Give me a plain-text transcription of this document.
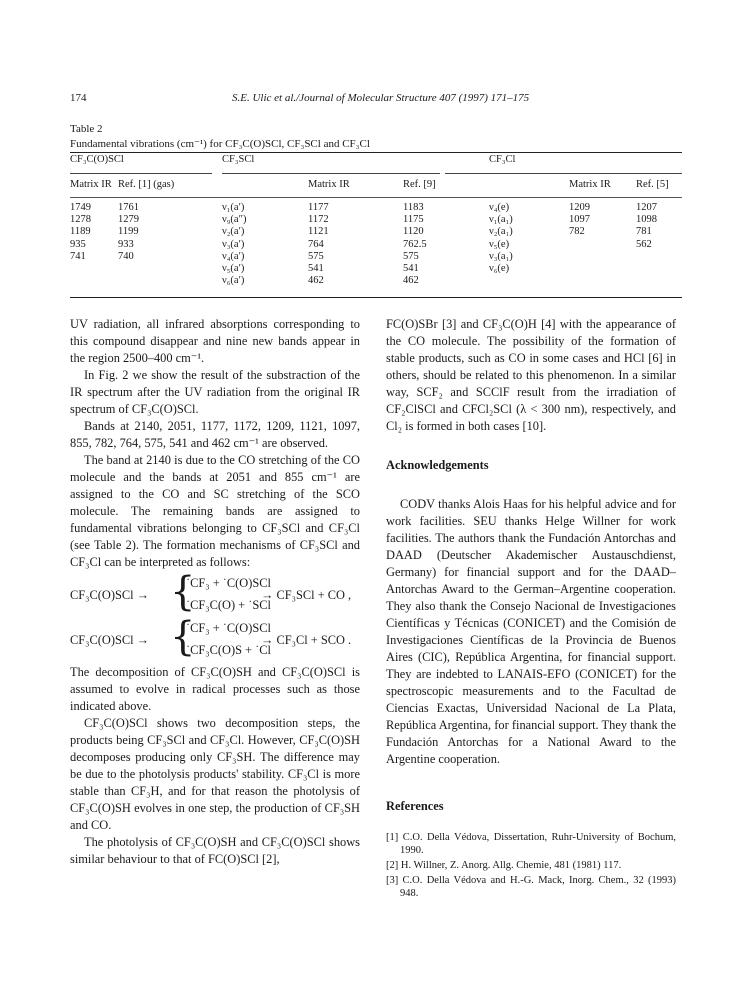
174	S.E. Ulic et al./Journal of Molecular Structure 407 (1997) 171–175
Table 2
Fundamental vibrations (cm⁻¹) for CF₃C(O)SCl, CF₃SCl and CF₃Cl
CF₃C(O)SCl		CF₃SCl			CF₃Cl		
Matrix IR	Ref. [1] (gas)		Matrix IR	Ref. [9]		Matrix IR	Ref. [5]
1749	1761	ν₁(a′)	1177	1183	ν₄(e)	1209	1207
1278	1279	ν₉(a″)	1172	1175	ν₁(a₁)	1097	1098
1189	1199	ν₂(a′)	1121	1120	ν₂(a₁)	782	781
935	933	ν₃(a′)	764	762.5	ν₅(e)		562
741	740	ν₄(a′)	575	575	ν₃(a₁)		
		ν₅(a′)	541	541	ν₆(e)		
		ν₆(a′)	462	462			

UV radiation, all infrared absorptions corresponding to this compound disappear and nine new bands appear in the region 2500–400 cm⁻¹.

In Fig. 2 we show the result of the substraction of the IR spectrum after the UV radiation from the original IR spectrum of CF₃C(O)SCl.

Bands at 2140, 2051, 1177, 1172, 1209, 1121, 1097, 855, 782, 764, 575, 541 and 462 cm⁻¹ are observed.

The band at 2140 is due to the CO stretching of the CO molecule and the bands at 2051 and 855 cm⁻¹ are assigned to the CO and SC stretching of the SCO molecule. The remaining bands are assigned to fundamental vibrations belonging to CF₃SCl and CF₃Cl (see Table 2). The formation mechanisms of CF₃SCl and CF₃Cl can be interpreted as follows:

CF₃C(O)SCl → {
˙CF₃ + ˙C(O)SCl
˙CF₃C(O) + ˙SCl
→ CF₃SCl + CO ,
CF₃C(O)SCl → {
˙CF₃ + ˙C(O)SCl
˙CF₃C(O)S + ˙Cl
→ CF₃Cl + SCO .

The decomposition of CF₃C(O)SH and CF₃C(O)SCl is assumed to evolve in radical processes such as those indicated above.

CF₃C(O)SCl shows two decomposition steps, the products being CF₃SCl and CF₃Cl. However, CF₃C(O)SH decomposes producing only CF₃SH. The difference may be due to the photolysis products' stability. CF₃Cl is more stable than CF₃H, and for that reason the photolysis of CF₃C(O)SH evolves in one step, the production of CF₃SH and CO.

The photolysis of CF₃C(O)SH and CF₃C(O)SCl shows similar behaviour to that of FC(O)SCl [2],

FC(O)SBr [3] and CF₃C(O)H [4] with the appearance of the CO molecule. The possibility of the formation of stable products, such as CO in some cases and HCl [6] in others, should be related to this phenomenon. In a similar way, SCF₂ and SCClF result from the irradiation of CF₂ClSCl and CFCl₂SCl (λ < 300 nm), respectively, and Cl₂ is formed in both cases [10].

Acknowledgements

CODV thanks Alois Haas for his helpful advice and for work facilities. SEU thanks Helge Willner for work facilities. The authors thank the Fundación Antorchas and DAAD (Deutscher Akademischer Austauschdienst, Germany) for financial support and for the DAAD–Antorchas Award to the German–Argentine cooperation. They also thank the Consejo Nacional de Investigaciones Científicas y Técnicas (CONICET) and the Comisión de Investigaciones Científicas de la Provincia de Buenos Aires (CIC), República Argentina, for financial support. They are indebted to LANAIS-EFO (CONICET) for the spectroscopic measurements and to the Facultad de Ciencias Exactas, Universidad Nacional de La Plata, República Argentina, for financial support. They thank the Fundación Antorchas for a National Award to the Argentine cooperation.

References
[1] C.O. Della Védova, Dissertation, Ruhr-University of Bochum, 1990.
[2] H. Willner, Z. Anorg. Allg. Chemie, 481 (1981) 117.
[3] C.O. Della Védova and H.-G. Mack, Inorg. Chem., 32 (1993) 948.
